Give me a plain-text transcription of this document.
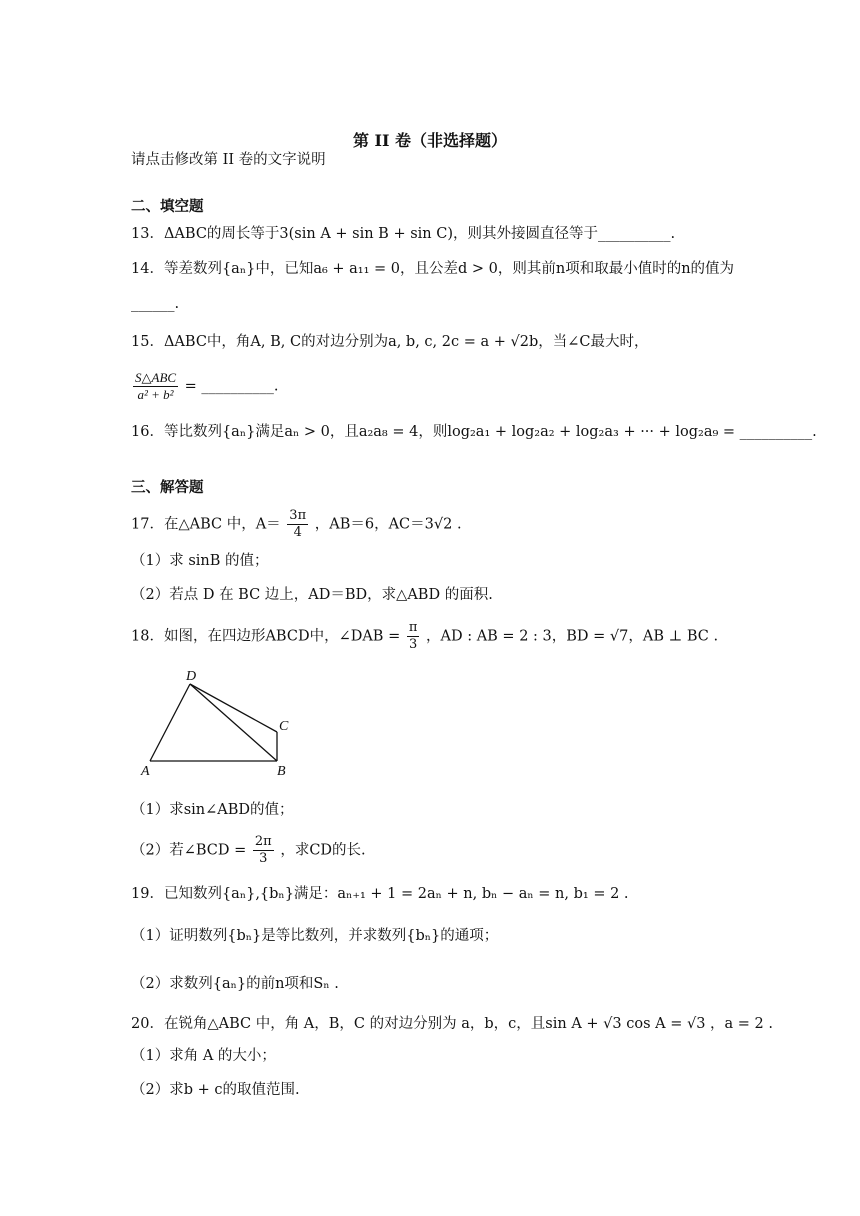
第 II 卷（非选择题）
请点击修改第 II 卷的文字说明
二、填空题
13．ΔABC的周长等于3(sin A + sin B + sin C)，则其外接圆直径等于__________.
14．等差数列{aₙ}中，已知a₆ + a₁₁ = 0，且公差d > 0，则其前n项和取最小值时的n的值为
______.
15．ΔABC中，角A, B, C的对边分别为a, b, c, 2c = a + √2b，当∠C最大时，
$\frac{\text{S△ABC}}{\text{a² + b²}}$ = __________.
16．等比数列{aₙ}满足aₙ > 0，且a₂a₈ = 4，则log₂a₁ + log₂a₂ + log₂a₃ + ··· + log₂a₉ = __________.
三、解答题
17．在△ABC 中，$A= \frac{3\pi}{4}$ ，AB＝6，AC＝3√2 .
（1）求 sinB 的值；
（2）若点 D 在 BC 边上，AD＝BD，求△ABD 的面积.
18．如图，在四边形ABCD中，∠DAB = $\frac{\pi}{3}$ ，AD : AB = 2 : 3，BD = √7，AB ⊥ BC .
D
C
A	B
（1）求sin∠ABD的值；
（2）若∠BCD = $\frac{2\pi}{3}$ ，求CD的长.
19．已知数列{aₙ},{bₙ}满足：aₙ₊₁ + 1 = 2aₙ + n, bₙ − aₙ = n, b₁ = 2 .
（1）证明数列{bₙ}是等比数列，并求数列{bₙ}的通项；
（2）求数列{aₙ}的前n项和Sₙ .
20．在锐角△ABC 中，角 A，B，C 的对边分别为 a，b，c，且sin A + √3 cos A = √3 ，a = 2 .
（1）求角 A 的大小；
（2）求b + c的取值范围.
